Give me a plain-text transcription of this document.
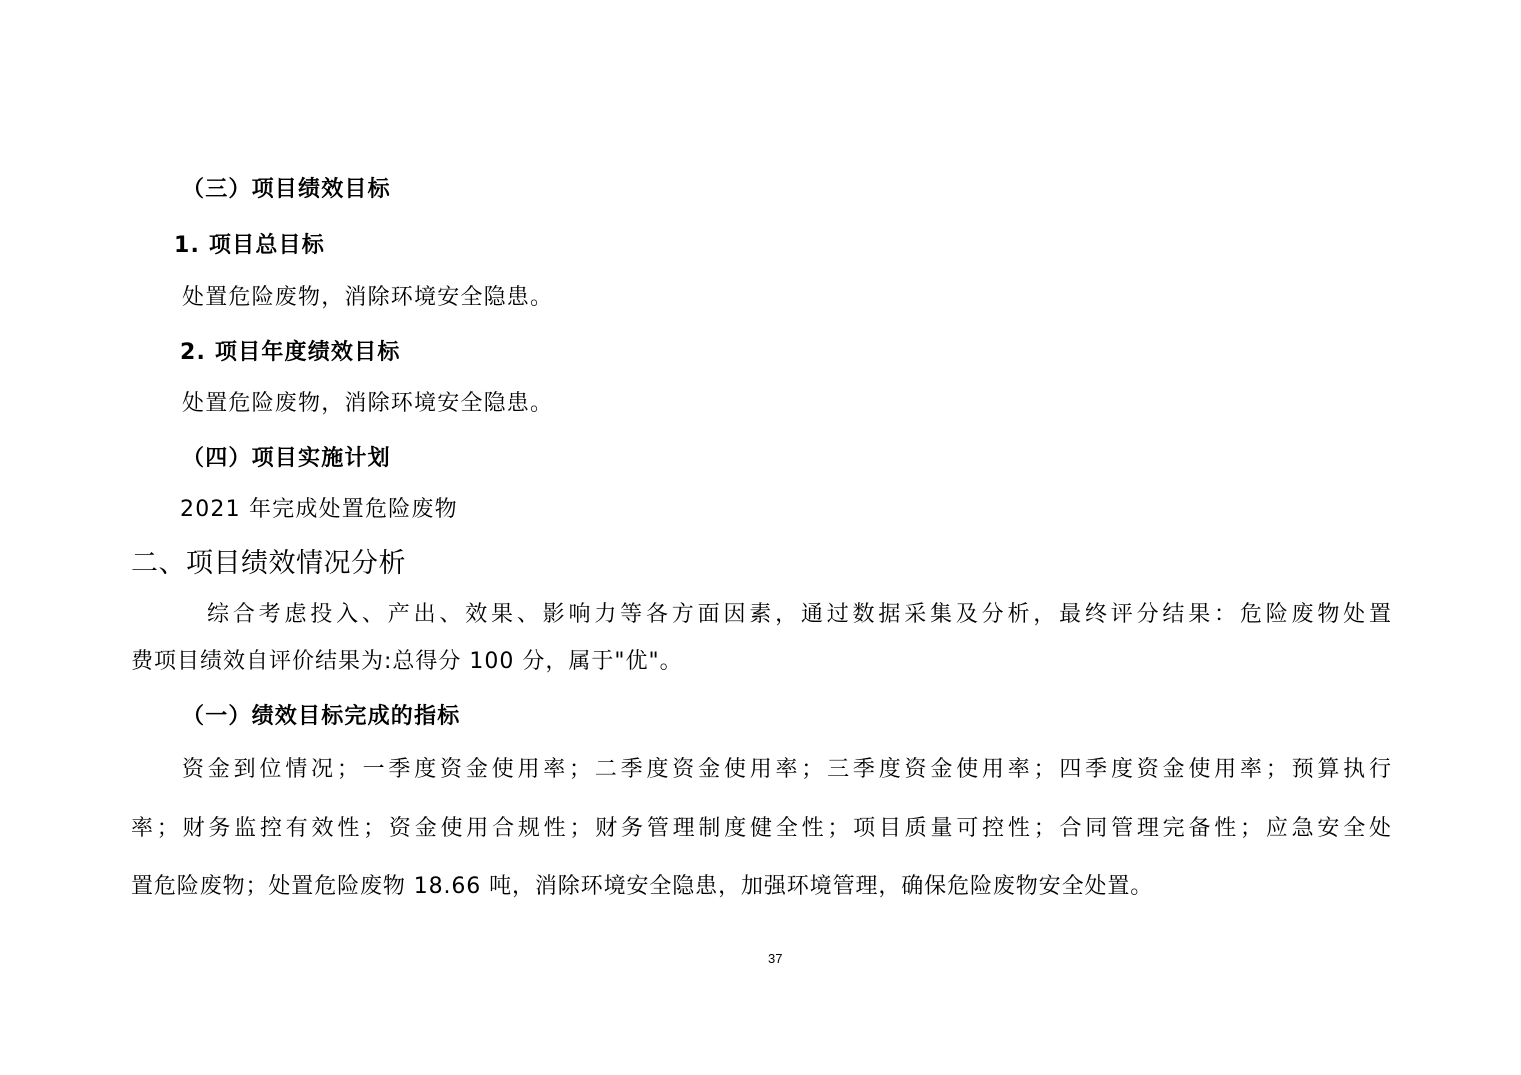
（三）项目绩效目标
1. 项目总目标
处置危险废物，消除环境安全隐患。
2. 项目年度绩效目标
处置危险废物，消除环境安全隐患。
（四）项目实施计划
2021 年完成处置危险废物
二、项目绩效情况分析
综合考虑投入、产出、效果、影响力等各方面因素，通过数据采集及分析，最终评分结果：危险废物处置
费项目绩效自评价结果为:总得分 100 分，属于"优"。
（一）绩效目标完成的指标
资金到位情况；一季度资金使用率；二季度资金使用率；三季度资金使用率；四季度资金使用率；预算执行
率；财务监控有效性；资金使用合规性；财务管理制度健全性；项目质量可控性；合同管理完备性；应急安全处
置危险废物；处置危险废物 18.66 吨，消除环境安全隐患，加强环境管理，确保危险废物安全处置。
37
